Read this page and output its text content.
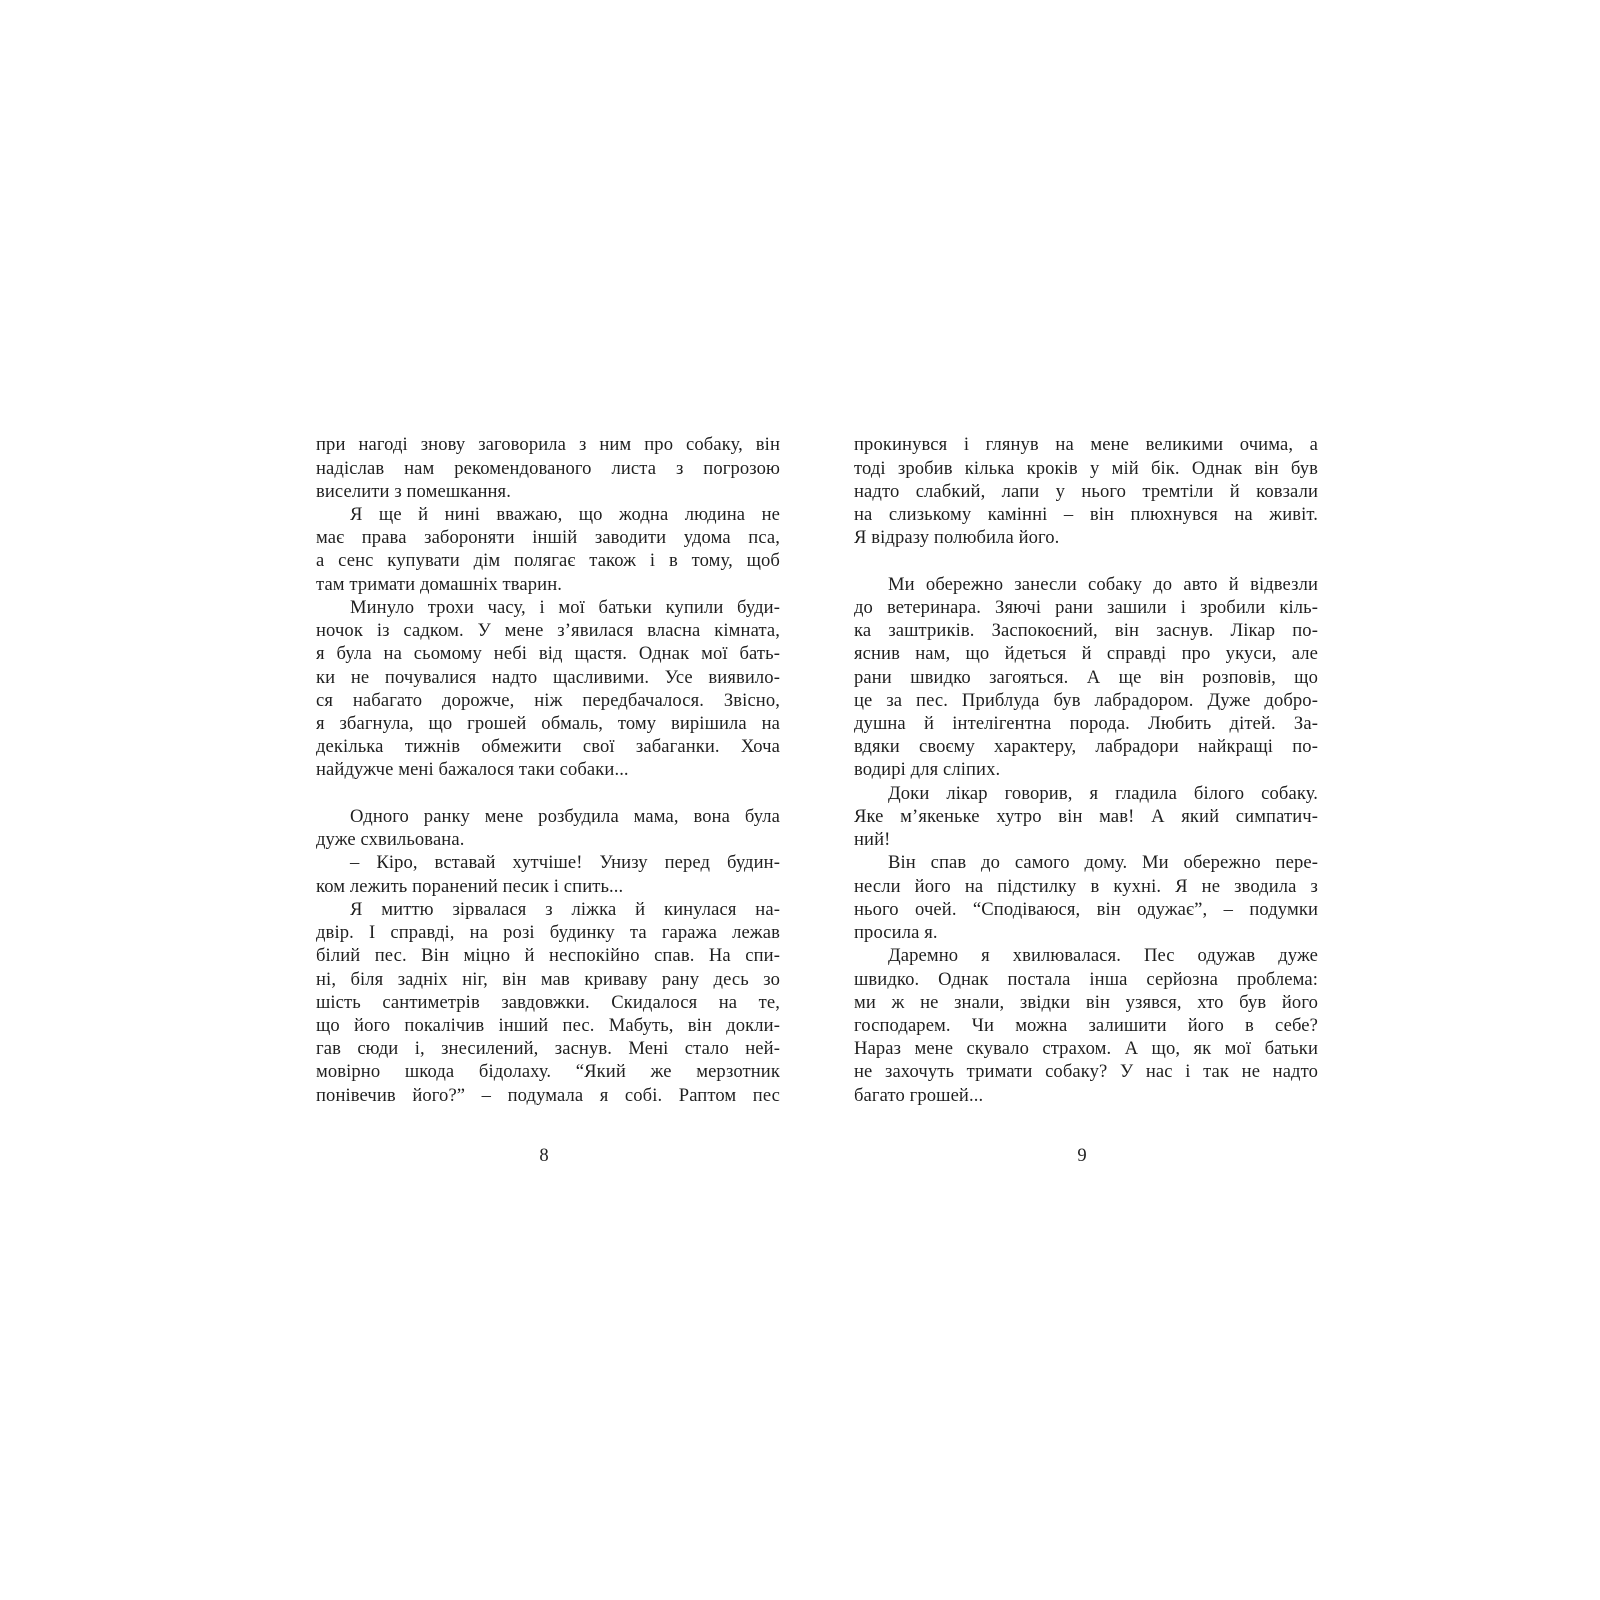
при нагоді знову заговорила з ним про собаку, він
надіслав нам рекомендованого листа з погрозою
виселити з помешкання.
Я ще й нині вважаю, що жодна людина не
має права забороняти іншій заводити удома пса,
а сенс купувати дім полягає також і в тому, щоб
там тримати домашніх тварин.
Минуло трохи часу, і мої батьки купили буди-
ночок із садком. У мене з’явилася власна кімната,
я була на сьомому небі від щастя. Однак мої бать-
ки не почувалися надто щасливими. Усе виявило-
ся набагато дорожче, ніж передбачалося. Звісно,
я збагнула, що грошей обмаль, тому вирішила на
декілька тижнів обмежити свої забаганки. Хоча
найдужче мені бажалося таки собаки...
Одного ранку мене розбудила мама, вона була
дуже схвильована.
– Кіро, вставай хутчіше! Унизу перед будин-
ком лежить поранений песик і спить...
Я миттю зірвалася з ліжка й кинулася на-
двір. І справді, на розі будинку та гаража лежав
білий пес. Він міцно й неспокійно спав. На спи-
ні, біля задніх ніг, він мав криваву рану десь зо
шість сантиметрів завдовжки. Скидалося на те,
що його покалічив інший пес. Мабуть, він докли-
гав сюди і, знесилений, заснув. Мені стало ней-
мовірно шкода бідолаху. “Який же мерзотник
понівечив його?” – подумала я собі. Раптом пес
прокинувся і глянув на мене великими очима, а
тоді зробив кілька кроків у мій бік. Однак він був
надто слабкий, лапи у нього тремтіли й ковзали
на слизькому камінні – він плюхнувся на живіт.
Я відразу полюбила його.
Ми обережно занесли собаку до авто й відвезли
до ветеринара. Зяючі рани зашили і зробили кіль-
ка заштриків. Заспокоєний, він заснув. Лікар по-
яснив нам, що йдеться й справді про укуси, але
рани швидко загояться. А ще він розповів, що
це за пес. Приблуда був лабрадором. Дуже добро-
душна й інтелігентна порода. Любить дітей. За-
вдяки своєму характеру, лабрадори найкращі по-
водирі для сліпих.
Доки лікар говорив, я гладила білого собаку.
Яке м’якеньке хутро він мав! А який симпатич-
ний!
Він спав до самого дому. Ми обережно пере-
несли його на підстилку в кухні. Я не зводила з
нього очей. “Сподіваюся, він одужає”, – подумки
просила я.
Даремно я хвилювалася. Пес одужав дуже
швидко. Однак постала інша серйозна проблема:
ми ж не знали, звідки він узявся, хто був його
господарем. Чи можна залишити його в себе?
Нараз мене скувало страхом. А що, як мої батьки
не захочуть тримати собаку? У нас і так не надто
багато грошей...
8	9
